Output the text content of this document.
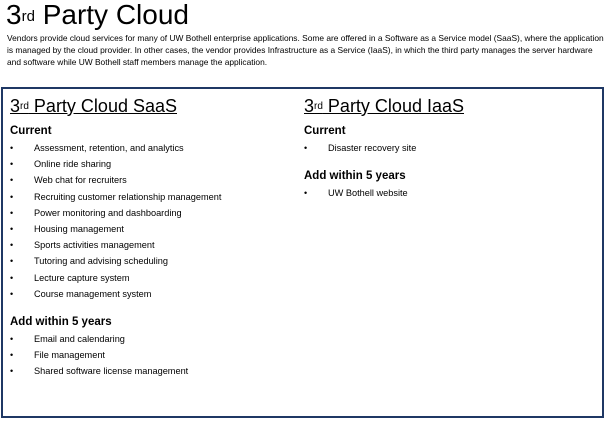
3rd Party Cloud
Vendors provide cloud services for many of UW Bothell enterprise applications. Some are offered in a Software as a Service model (SaaS), where the application is managed by the cloud provider. In other cases, the vendor provides Infrastructure as a Service (IaaS), in which the third party manages the server hardware and software while UW Bothell staff members manage the application.
3rd Party Cloud SaaS
Current
• Assessment, retention, and analytics
• Online ride sharing
• Web chat for recruiters
• Recruiting customer relationship management
• Power monitoring and dashboarding
• Housing management
• Sports activities management
• Tutoring and advising scheduling
• Lecture capture system
• Course management system
Add within 5 years
• Email and calendaring
• File management
• Shared software license management
3rd Party Cloud IaaS
Current
• Disaster recovery site
Add within 5 years
• UW Bothell website
